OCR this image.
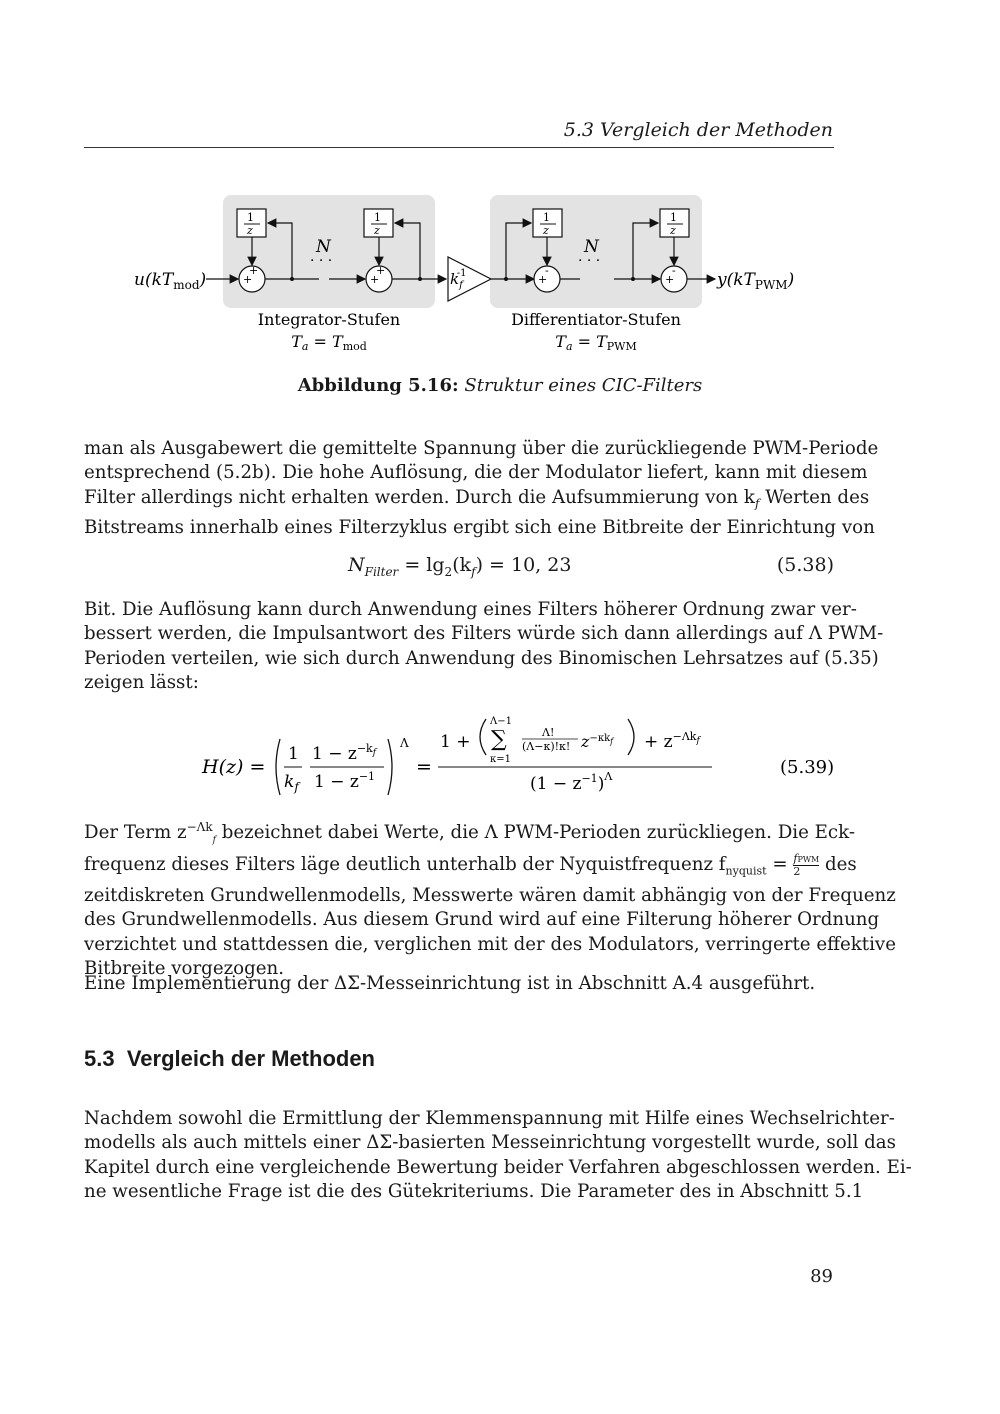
5.3 Vergleich der Methoden
$u(kT_{mod})$	+
+
1
z
N
· · ·
+
+
1
z
$k_f-1$
1
z
+
-
N
· · ·
1
z
+
- $y(kT_{PWM})$
Integrator-Stufen
Ta = Tmod
Differentiator-Stufen
Ta = TPWM
Abbildung 5.16: Struktur eines CIC-Filters
man als Ausgabewert die gemittelte Spannung über die zurückliegende PWM-Periode
entsprechend (5.2b). Die hohe Auflösung, die der Modulator liefert, kann mit diesem
Filter allerdings nicht erhalten werden. Durch die Aufsummierung von $k_f$ Werten des
Bitstreams innerhalb eines Filterzyklus ergibt sich eine Bitbreite der Einrichtung von
$N_{Filter} = \lg_2(k_f) = 10$, 23	(5.38)
Bit. Die Auflösung kann durch Anwendung eines Filters höherer Ordnung zwar ver-
bessert werden, die Impulsantwort des Filters würde sich dann allerdings auf Λ PWM-
Perioden verteilen, wie sich durch Anwendung des Binomischen Lehrsatzes auf (5.35)
zeigen lässt:
H(z) =
1
$k_f$
$1 - z^{-k}f$
$1 - z^{-1}$
Λ
=
1 +
Λ−1
∑
κ=1
Λ!
(Λ−κ)!κ! $z^{-\kappa k}f + z^{-\Lambda k}f$
$(1 - z^{-1})^\Lambda$	(5.39)
Der Term $z^{-\Lambda k}_f$ bezeichnet dabei Werte, die Λ PWM-Perioden zurückliegen. Die Eck-
frequenz dieses Filters läge deutlich unterhalb der Nyquistfrequenz $f_{nyquist}$ = fPWM
2	des
zeitdiskreten Grundwellenmodells, Messwerte wären damit abhängig von der Frequenz
des Grundwellenmodells. Aus diesem Grund wird auf eine Filterung höherer Ordnung
verzichtet und stattdessen die, verglichen mit der des Modulators, verringerte effektive
Bitbreite vorgezogen.
Eine Implementierung der ΔΣ-Messeinrichtung ist in Abschnitt A.4 ausgeführt.
5.3 Vergleich der Methoden
Nachdem sowohl die Ermittlung der Klemmenspannung mit Hilfe eines Wechselrichter-
modells als auch mittels einer ΔΣ-basierten Messeinrichtung vorgestellt wurde, soll das
Kapitel durch eine vergleichende Bewertung beider Verfahren abgeschlossen werden. Ei-
ne wesentliche Frage ist die des Gütekriteriums. Die Parameter des in Abschnitt 5.1
89
